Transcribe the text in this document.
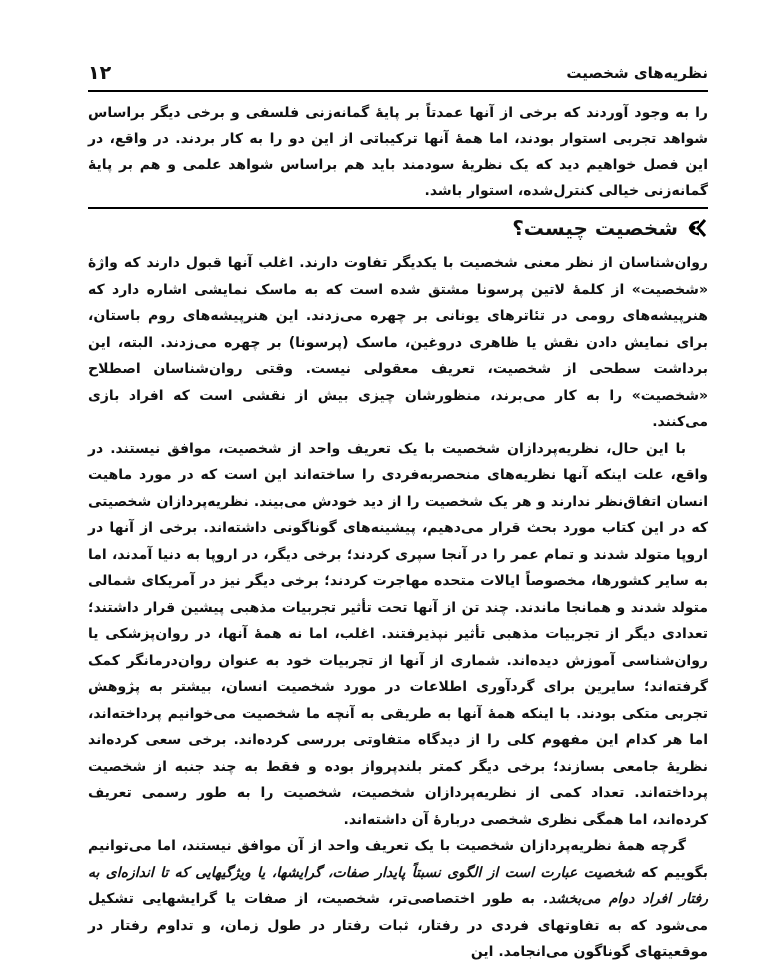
۱۲	نظریه‌های شخصیت

را به وجود آوردند که برخی از آنها عمدتاً بر پایهٔ گمانه‌زنی فلسفی و برخی دیگر براساس شواهد تجربی استوار بودند، اما همهٔ آنها ترکیباتی از این دو را به کار بردند. در واقع، در این فصل خواهیم دید که یک نظریهٔ سودمند باید هم براساس شواهد علمی و هم بر پایهٔ گمانه‌زنی خیالی کنترل‌شده، استوار باشد.

شخصیت چیست؟

روان‌شناسان از نظر معنی شخصیت با یکدیگر تفاوت دارند. اغلب آنها قبول دارند که واژهٔ «شخصیت» از کلمهٔ لاتین پرسونا مشتق شده است که به ماسک نمایشی اشاره دارد که هنرپیشه‌های رومی در تئاترهای یونانی بر چهره می‌زدند. این هنرپیشه‌های روم باستان، برای نمایش دادن نقش یا ظاهری دروغین، ماسک (پرسونا) بر چهره می‌زدند. البته، این برداشت سطحی از شخصیت، تعریف معقولی نیست. وقتی روان‌شناسان اصطلاح «شخصیت» را به کار می‌برند، منظورشان چیزی بیش از نقشی است که افراد بازی می‌کنند.

با این حال، نظریه‌پردازان شخصیت با یک تعریف واحد از شخصیت، موافق نیستند. در واقع، علت اینکه آنها نظریه‌های منحصربه‌فردی را ساخته‌اند این است که در مورد ماهیت انسان اتفاق‌نظر ندارند و هر یک شخصیت را از دید خودش می‌بیند. نظریه‌پردازان شخصیتی که در این کتاب مورد بحث قرار می‌دهیم، پیشینه‌های گوناگونی داشته‌اند. برخی از آنها در اروپا متولد شدند و تمام عمر را در آنجا سپری کردند؛ برخی دیگر، در اروپا به دنیا آمدند، اما به سایر کشورها، مخصوصاً ایالات متحده مهاجرت کردند؛ برخی دیگر نیز در آمریکای شمالی متولد شدند و همانجا ماندند. چند تن از آنها تحت تأثیر تجربیات مذهبی پیشین قرار داشتند؛ تعدادی دیگر از تجربیات مذهبی تأثیر نپذیرفتند. اغلب، اما نه همهٔ آنها، در روان‌پزشکی یا روان‌شناسی آموزش دیده‌اند. شماری از آنها از تجربیات خود به عنوان روان‌درمانگر کمک گرفته‌اند؛ سایرین برای گردآوری اطلاعات در مورد شخصیت انسان، بیشتر به پژوهش تجربی متکی بودند. با اینکه همهٔ آنها به طریقی به آنچه ما شخصیت می‌خوانیم پرداخته‌اند، اما هر کدام این مفهوم کلی را از دیدگاه متفاوتی بررسی کرده‌اند. برخی سعی کرده‌اند نظریهٔ جامعی بسازند؛ برخی دیگر کمتر بلندپرواز بوده و فقط به چند جنبه از شخصیت پرداخته‌اند. تعداد کمی از نظریه‌پردازان شخصیت، شخصیت را به طور رسمی تعریف کرده‌اند، اما همگی نظری شخصی دربارهٔ آن داشته‌اند.

گرچه همهٔ نظریه‌پردازان شخصیت با یک تعریف واحد از آن موافق نیستند، اما می‌توانیم بگوییم که شخصیت عبارت است از الگوی نسبتاً پایدار صفات، گرایشها، یا ویژگیهایی که تا اندازه‌ای به رفتار افراد دوام می‌بخشد. به طور اختصاصی‌تر، شخصیت، از صفات یا گرایشهایی تشکیل می‌شود که به تفاوتهای فردی در رفتار، ثبات رفتار در طول زمان، و تداوم رفتار در موقعیتهای گوناگون می‌انجامد. این
